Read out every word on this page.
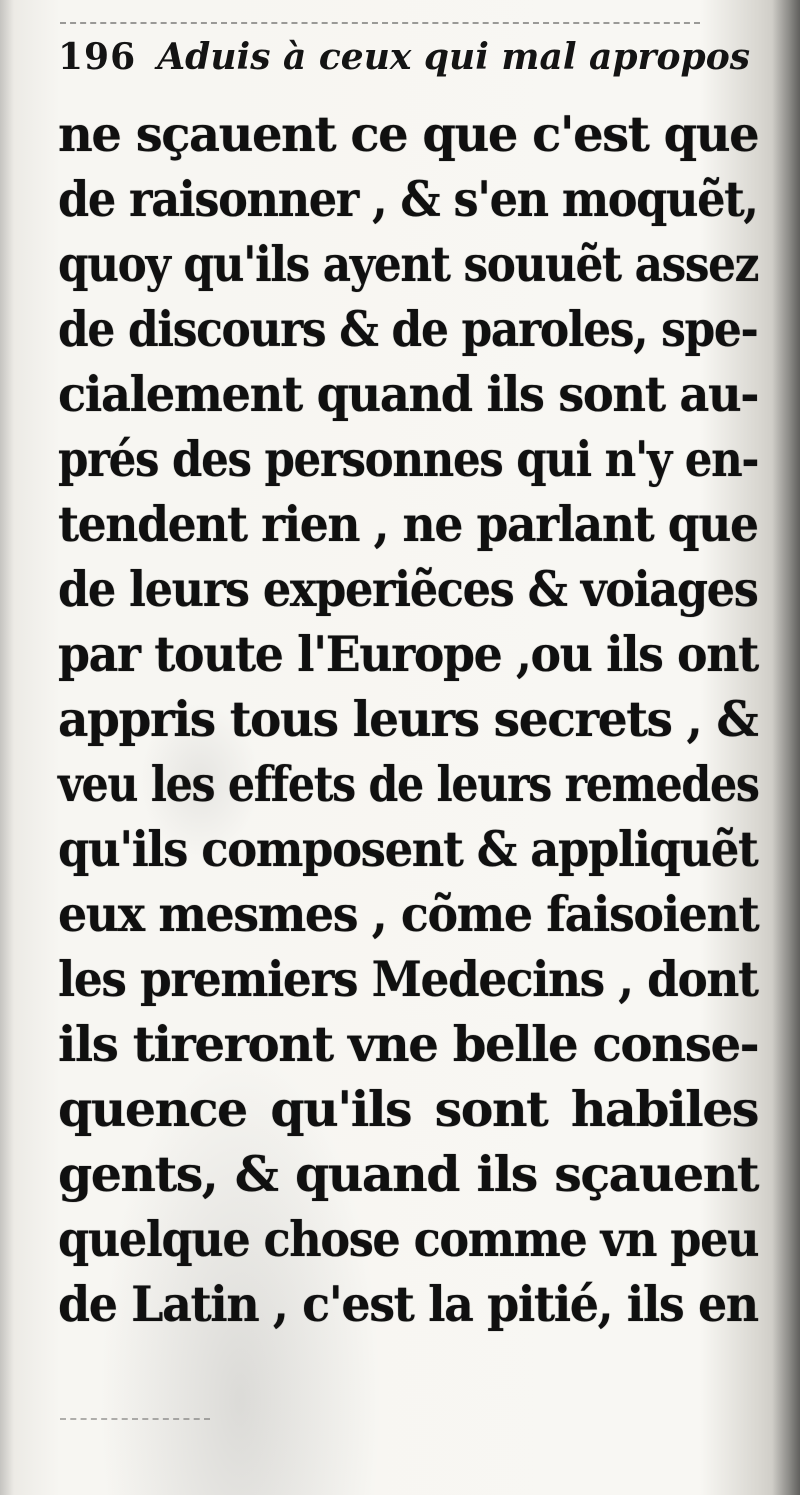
196 Aduis à ceux qui mal apropos
ne sçauent ce que c'est que
de raisonner , & s'en moquẽt,
quoy qu'ils ayent souuẽt assez
de discours & de paroles, spe-
cialement quand ils sont au-
prés des personnes qui n'y en-
tendent rien , ne parlant que
de leurs experiẽces & voiages
par toute l'Europe ,ou ils ont
appris tous leurs secrets , &
veu les effets de leurs remedes
qu'ils composent & appliquẽt
eux mesmes , cõme faisoient
les premiers Medecins , dont
ils tireront vne belle conse-
quence qu'ils sont habiles
gents, & quand ils sçauent
quelque chose comme vn peu
de Latin , c'est la pitié, ils en
